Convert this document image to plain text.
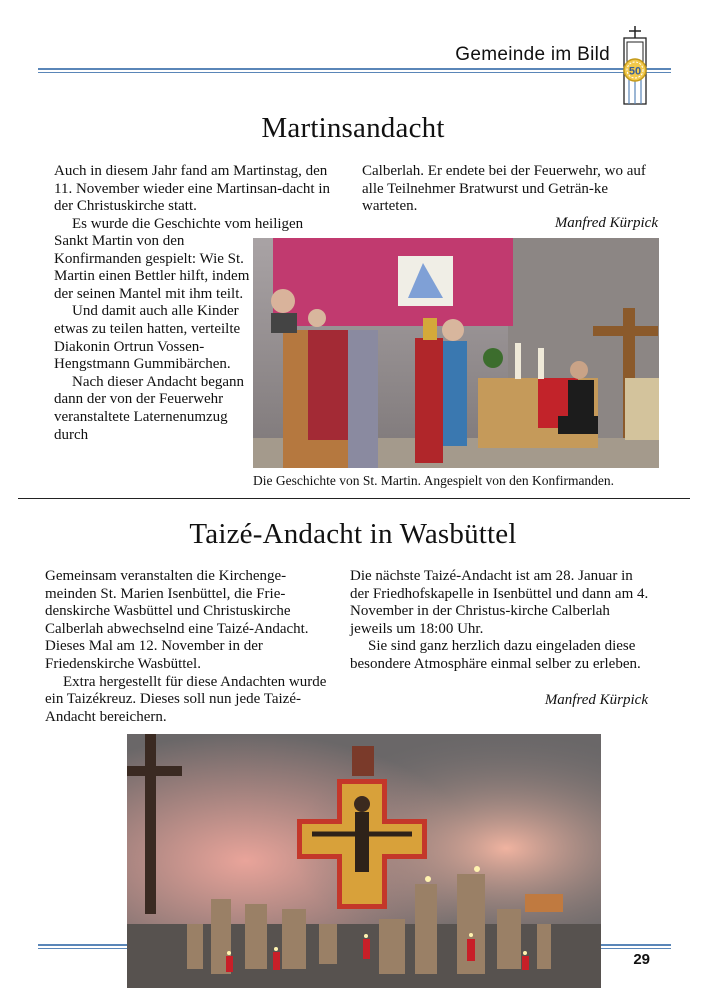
Gemeinde im Bild
50
Martinsandacht

Auch in diesem Jahr fand am Martinstag, den 11. November wieder eine Martinsan-dacht in der Christuskirche statt.

Es wurde die Geschichte vom heiligen

Sankt Martin von den Konfirmanden gespielt: Wie St. Martin einen Bettler hilft, indem der seinen Mantel mit ihm teilt.

Und damit auch alle Kinder etwas zu teilen hatten, verteilte Diakonin Ortrun Vossen-Hengstmann Gummibärchen.

Nach dieser Andacht begann dann der von der Feuerwehr veranstaltete Laternenumzug durch

Calberlah. Er endete bei der Feuerwehr, wo auf alle Teilnehmer Bratwurst und Geträn-ke warteten.

Manfred Kürpick
Die Geschichte von St. Martin. Angespielt von den Konfirmanden.
Taizé-Andacht in Wasbüttel

Gemeinsam veranstalten die Kirchenge-meinden St. Marien Isenbüttel, die Frie-denskirche Wasbüttel und Christuskirche Calberlah abwechselnd eine Taizé-Andacht. Dieses Mal am 12. November in der Friedenskirche Wasbüttel.

Extra hergestellt für diese Andachten wurde ein Taizékreuz. Dieses soll nun jede Taizé-Andacht bereichern.

Die nächste Taizé-Andacht ist am 28. Januar in der Friedhofskapelle in Isenbüttel und dann am 4. November in der Christus-kirche Calberlah jeweils um 18:00 Uhr.

Sie sind ganz herzlich dazu eingeladen diese besondere Atmosphäre einmal selber zu erleben.

Manfred Kürpick
29
